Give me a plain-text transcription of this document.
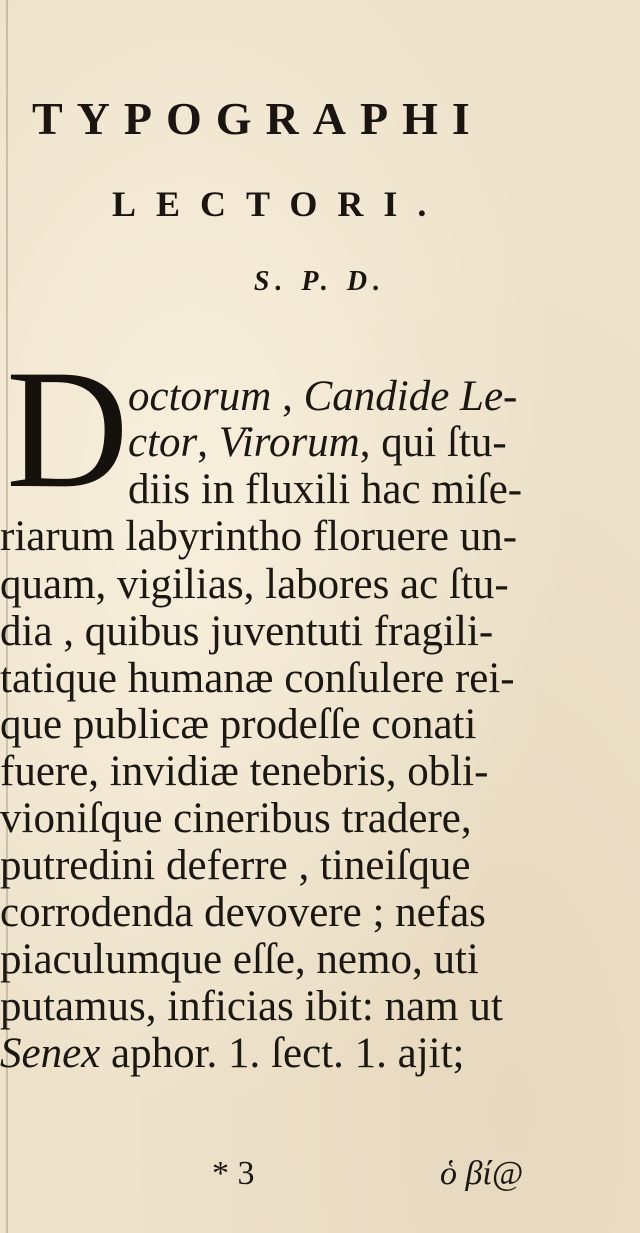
TYPOGRAPHI
LECTORI.
S. P. D.
D octorum , Candide Le-
ctor, Virorum, qui ſtu-
diis in fluxili hac miſe-
riarum labyrintho floruere un-
quam, vigilias, labores ac ſtu-
dia , quibus juventuti fragili-
tatique humanæ conſulere rei-
que publicæ prodeſſe conati
fuere, invidiæ tenebris, obli-
vioniſque cineribus tradere,
putredini deferre , tineiſque
corrodenda devovere ; nefas
piaculumque eſſe, nemo, uti
putamus, inficias ibit: nam ut
Senex aphor. 1. ſect. 1. ajit;
* 3	ὁ βί@
